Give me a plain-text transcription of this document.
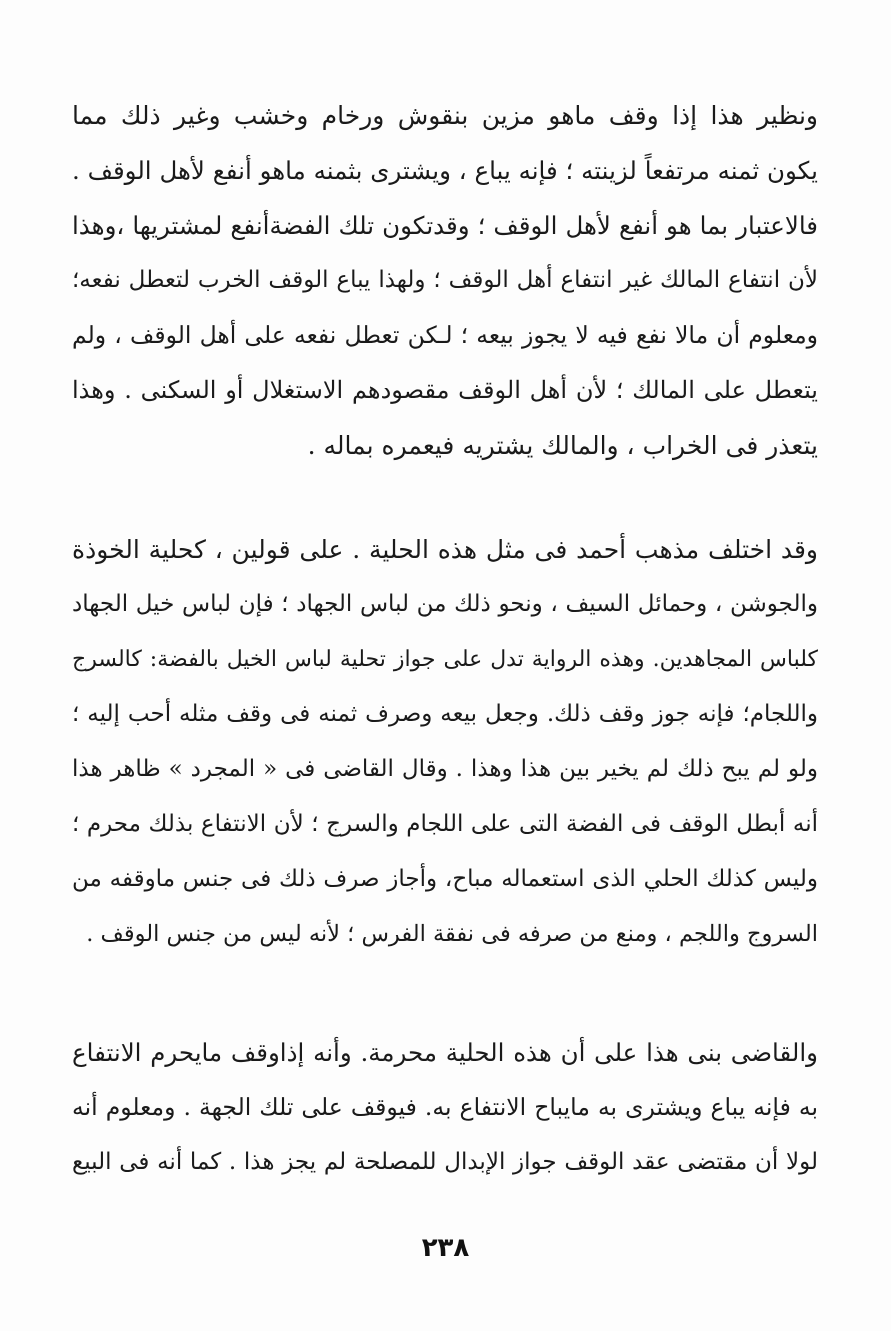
ونظير هذا إذا وقف ماهو مزين بنقوش ورخام وخشب وغير ذلك مما
يكون ثمنه مرتفعاً لزينته ؛ فإنه يباع ، ويشترى بثمنه ماهو أنفع لأهل الوقف .
فالاعتبار بما هو أنفع لأهل الوقف ؛ وقدتكون تلك الفضةأنفع لمشتريها ،وهذا
لأن انتفاع المالك غير انتفاع أهل الوقف ؛ ولهذا يباع الوقف الخرب لتعطل نفعه؛
ومعلوم أن مالا نفع فيه لا يجوز بيعه ؛ لـكن تعطل نفعه على أهل الوقف ، ولم
يتعطل على المالك ؛ لأن أهل الوقف مقصودهم الاستغلال أو السكنى . وهذا
يتعذر فى الخراب ، والمالك يشتريه فيعمره بماله .
وقد اختلف مذهب أحمد فى مثل هذه الحلية . على قولين ، كحلية الخوذة
والجوشن ، وحمائل السيف ، ونحو ذلك من لباس الجهاد ؛ فإن لباس خيل الجهاد
كلباس المجاهدين. وهذه الرواية تدل على جواز تحلية لباس الخيل بالفضة: كالسرج
واللجام؛ فإنه جوز وقف ذلك. وجعل بيعه وصرف ثمنه فى وقف مثله أحب إليه ؛
ولو لم يبح ذلك لم يخير بين هذا وهذا . وقال القاضى فى « المجرد » ظاهر هذا
أنه أبطل الوقف فى الفضة التى على اللجام والسرج ؛ لأن الانتفاع بذلك محرم ؛
وليس كذلك الحلي الذى استعماله مباح، وأجاز صرف ذلك فى جنس ماوقفه من
السروج واللجم ، ومنع من صرفه فى نفقة الفرس ؛ لأنه ليس من جنس الوقف .
والقاضى بنى هذا على أن هذه الحلية محرمة. وأنه إذاوقف مايحرم الانتفاع
به فإنه يباع ويشترى به مايباح الانتفاع به. فيوقف على تلك الجهة . ومعلوم أنه
لولا أن مقتضى عقد الوقف جواز الإبدال للمصلحة لم يجز هذا . كما أنه فى البيع
٢٣٨
